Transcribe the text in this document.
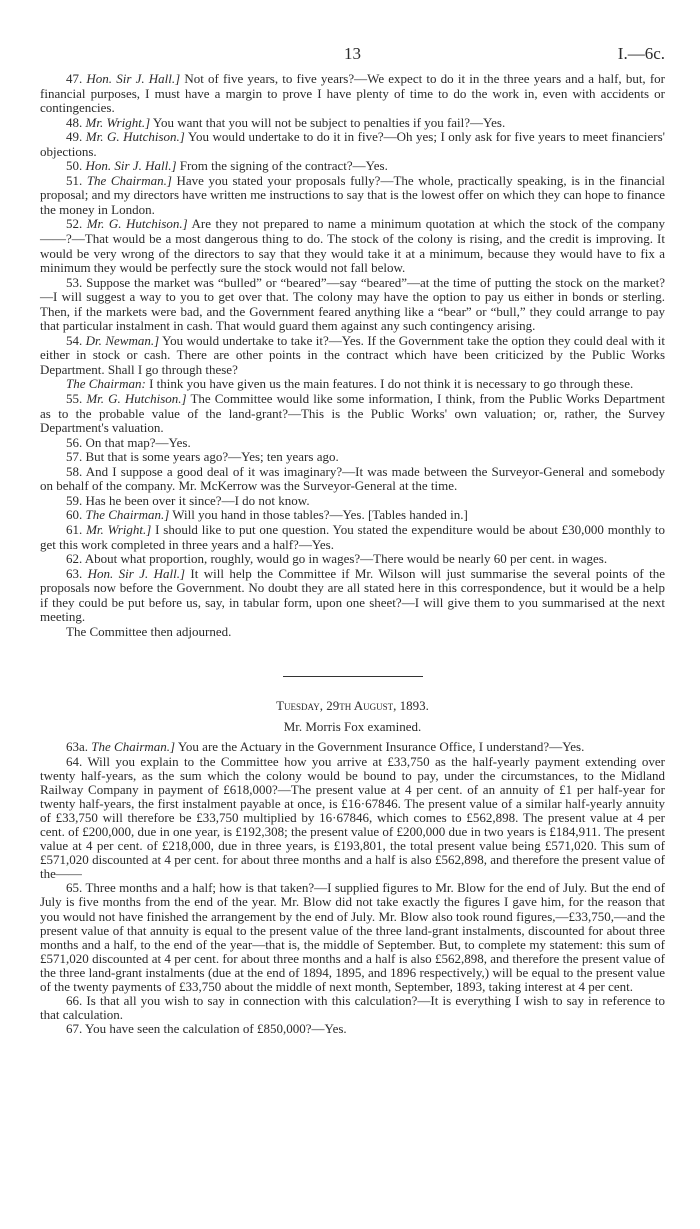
13	I.—6c.

47. Hon. Sir J. Hall.] Not of five years, to five years?—We expect to do it in the three years and a half, but, for financial purposes, I must have a margin to prove I have plenty of time to do the work in, even with accidents or contingencies.

48. Mr. Wright.] You want that you will not be subject to penalties if you fail?—Yes.

49. Mr. G. Hutchison.] You would undertake to do it in five?—Oh yes; I only ask for five years to meet financiers' objections.

50. Hon. Sir J. Hall.] From the signing of the contract?—Yes.

51. The Chairman.] Have you stated your proposals fully?—The whole, practically speaking, is in the financial proposal; and my directors have written me instructions to say that is the lowest offer on which they can hope to finance the money in London.

52. Mr. G. Hutchison.] Are they not prepared to name a minimum quotation at which the stock of the company——?—That would be a most dangerous thing to do. The stock of the colony is rising, and the credit is improving. It would be very wrong of the directors to say that they would take it at a minimum, because they would have to fix a minimum they would be perfectly sure the stock would not fall below.

53. Suppose the market was “bulled” or “beared”—say “beared”—at the time of putting the stock on the market?—I will suggest a way to you to get over that. The colony may have the option to pay us either in bonds or sterling. Then, if the markets were bad, and the Government feared anything like a “bear” or “bull,” they could arrange to pay that particular instalment in cash. That would guard them against any such contingency arising.

54. Dr. Newman.] You would undertake to take it?—Yes. If the Government take the option they could deal with it either in stock or cash. There are other points in the contract which have been criticized by the Public Works Department. Shall I go through these?

The Chairman: I think you have given us the main features. I do not think it is necessary to go through these.

55. Mr. G. Hutchison.] The Committee would like some information, I think, from the Public Works Department as to the probable value of the land-grant?—This is the Public Works' own valuation; or, rather, the Survey Department's valuation.

56. On that map?—Yes.

57. But that is some years ago?—Yes; ten years ago.

58. And I suppose a good deal of it was imaginary?—It was made between the Surveyor-General and somebody on behalf of the company. Mr. McKerrow was the Surveyor-General at the time.

59. Has he been over it since?—I do not know.

60. The Chairman.] Will you hand in those tables?—Yes. [Tables handed in.]

61. Mr. Wright.] I should like to put one question. You stated the expenditure would be about £30,000 monthly to get this work completed in three years and a half?—Yes.

62. About what proportion, roughly, would go in wages?—There would be nearly 60 per cent. in wages.

63. Hon. Sir J. Hall.] It will help the Committee if Mr. Wilson will just summarise the several points of the proposals now before the Government. No doubt they are all stated here in this correspondence, but it would be a help if they could be put before us, say, in tabular form, upon one sheet?—I will give them to you summarised at the next meeting.

The Committee then adjourned.

Tuesday, 29th August, 1893.

Mr. Morris Fox examined.

63a. The Chairman.] You are the Actuary in the Government Insurance Office, I understand?—Yes.

64. Will you explain to the Committee how you arrive at £33,750 as the half-yearly payment extending over twenty half-years, as the sum which the colony would be bound to pay, under the circumstances, to the Midland Railway Company in payment of £618,000?—The present value at 4 per cent. of an annuity of £1 per half-year for twenty half-years, the first instalment payable at once, is £16·67846. The present value of a similar half-yearly annuity of £33,750 will therefore be £33,750 multiplied by 16·67846, which comes to £562,898. The present value at 4 per cent. of £200,000, due in one year, is £192,308; the present value of £200,000 due in two years is £184,911. The present value at 4 per cent. of £218,000, due in three years, is £193,801, the total present value being £571,020. This sum of £571,020 discounted at 4 per cent. for about three months and a half is also £562,898, and therefore the present value of the——

65. Three months and a half; how is that taken?—I supplied figures to Mr. Blow for the end of July. But the end of July is five months from the end of the year. Mr. Blow did not take exactly the figures I gave him, for the reason that you would not have finished the arrangement by the end of July. Mr. Blow also took round figures,—£33,750,—and the present value of that annuity is equal to the present value of the three land-grant instalments, discounted for about three months and a half, to the end of the year—that is, the middle of September. But, to complete my statement: this sum of £571,020 discounted at 4 per cent. for about three months and a half is also £562,898, and therefore the present value of the three land-grant instalments (due at the end of 1894, 1895, and 1896 respectively,) will be equal to the present value of the twenty payments of £33,750 about the middle of next month, September, 1893, taking interest at 4 per cent.

66. Is that all you wish to say in connection with this calculation?—It is everything I wish to say in reference to that calculation.

67. You have seen the calculation of £850,000?—Yes.
